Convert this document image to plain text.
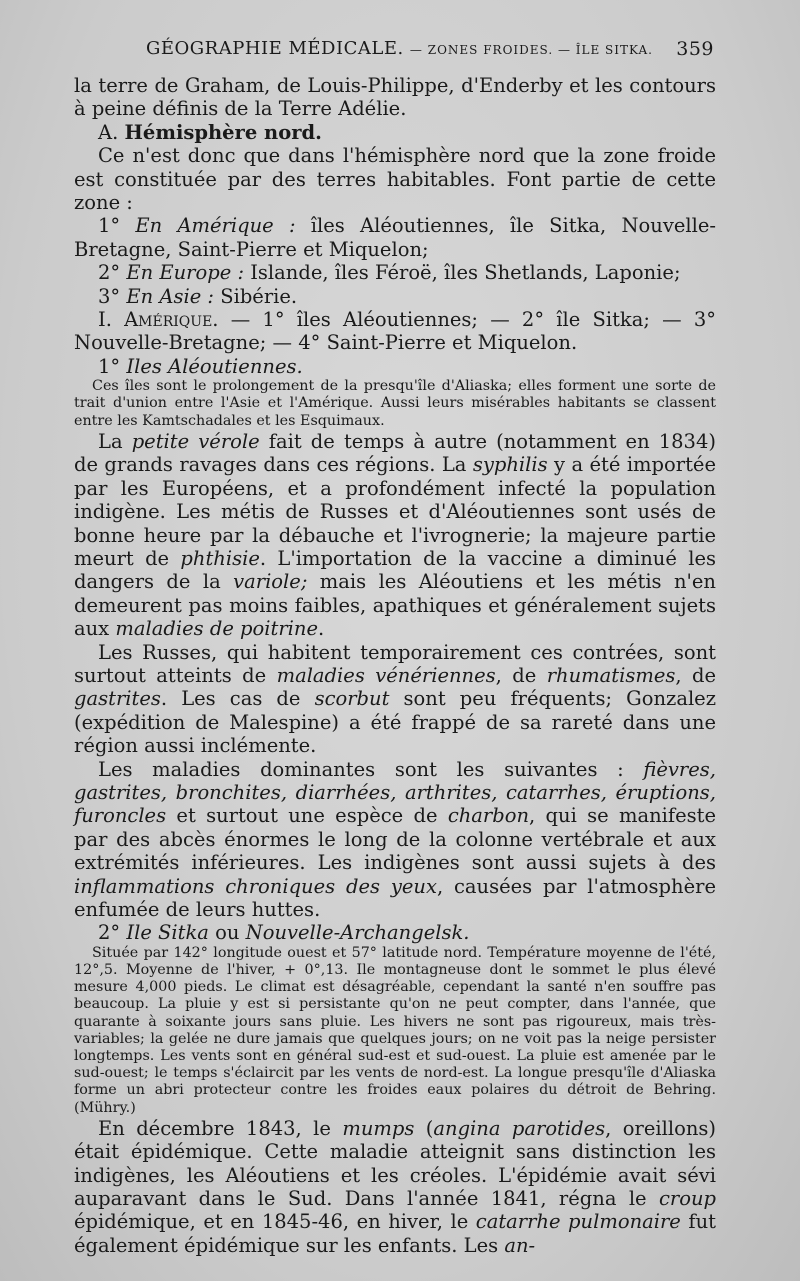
GÉOGRAPHIE MÉDICALE. — ZONES FROIDES. — ÎLE SITKA. 359

la terre de Graham, de Louis-Philippe, d'Enderby et les contours à peine définis de la Terre Adélie.

A. Hémisphère nord.

Ce n'est donc que dans l'hémisphère nord que la zone froide est constituée par des terres habitables. Font partie de cette zone :

1° En Amérique : îles Aléoutiennes, île Sitka, Nouvelle-Bretagne, Saint-Pierre et Miquelon;

2° En Europe : Islande, îles Féroë, îles Shetlands, Laponie;

3° En Asie : Sibérie.

I. Amérique. — 1° îles Aléoutiennes; — 2° île Sitka; — 3° Nouvelle-Bretagne; — 4° Saint-Pierre et Miquelon.

1° Iles Aléoutiennes.

Ces îles sont le prolongement de la presqu'île d'Aliaska; elles forment une sorte de trait d'union entre l'Asie et l'Amérique. Aussi leurs misérables habitants se classent entre les Kamtschadales et les Esquimaux.

La petite vérole fait de temps à autre (notamment en 1834) de grands ravages dans ces régions. La syphilis y a été importée par les Européens, et a profondément infecté la population indigène. Les métis de Russes et d'Aléoutiennes sont usés de bonne heure par la débauche et l'ivrognerie; la majeure partie meurt de phthisie. L'importation de la vaccine a diminué les dangers de la variole; mais les Aléoutiens et les métis n'en demeurent pas moins faibles, apathiques et généralement sujets aux maladies de poitrine.

Les Russes, qui habitent temporairement ces contrées, sont surtout atteints de maladies vénériennes, de rhumatismes, de gastrites. Les cas de scorbut sont peu fréquents; Gonzalez (expédition de Malespine) a été frappé de sa rareté dans une région aussi inclémente.

Les maladies dominantes sont les suivantes : fièvres, gastrites, bronchites, diarrhées, arthrites, catarrhes, éruptions, furoncles et surtout une espèce de charbon, qui se manifeste par des abcès énormes le long de la colonne vertébrale et aux extrémités inférieures. Les indigènes sont aussi sujets à des inflammations chroniques des yeux, causées par l'atmosphère enfumée de leurs huttes.

2° Ile Sitka ou Nouvelle-Archangelsk.

Située par 142° longitude ouest et 57° latitude nord. Température moyenne de l'été, 12°,5. Moyenne de l'hiver, + 0°,13. Ile montagneuse dont le sommet le plus élevé mesure 4,000 pieds. Le climat est désagréable, cependant la santé n'en souffre pas beaucoup. La pluie y est si persistante qu'on ne peut compter, dans l'année, que quarante à soixante jours sans pluie. Les hivers ne sont pas rigoureux, mais très-variables; la gelée ne dure jamais que quelques jours; on ne voit pas la neige persister longtemps. Les vents sont en général sud-est et sud-ouest. La pluie est amenée par le sud-ouest; le temps s'éclaircit par les vents de nord-est. La longue presqu'île d'Aliaska forme un abri protecteur contre les froides eaux polaires du détroit de Behring. (Mühry.)

En décembre 1843, le mumps (angina parotides, oreillons) était épidémique. Cette maladie atteignit sans distinction les indigènes, les Aléoutiens et les créoles. L'épidémie avait sévi auparavant dans le Sud. Dans l'année 1841, régna le croup épidémique, et en 1845-46, en hiver, le catarrhe pulmonaire fut également épidémique sur les enfants. Les an-
